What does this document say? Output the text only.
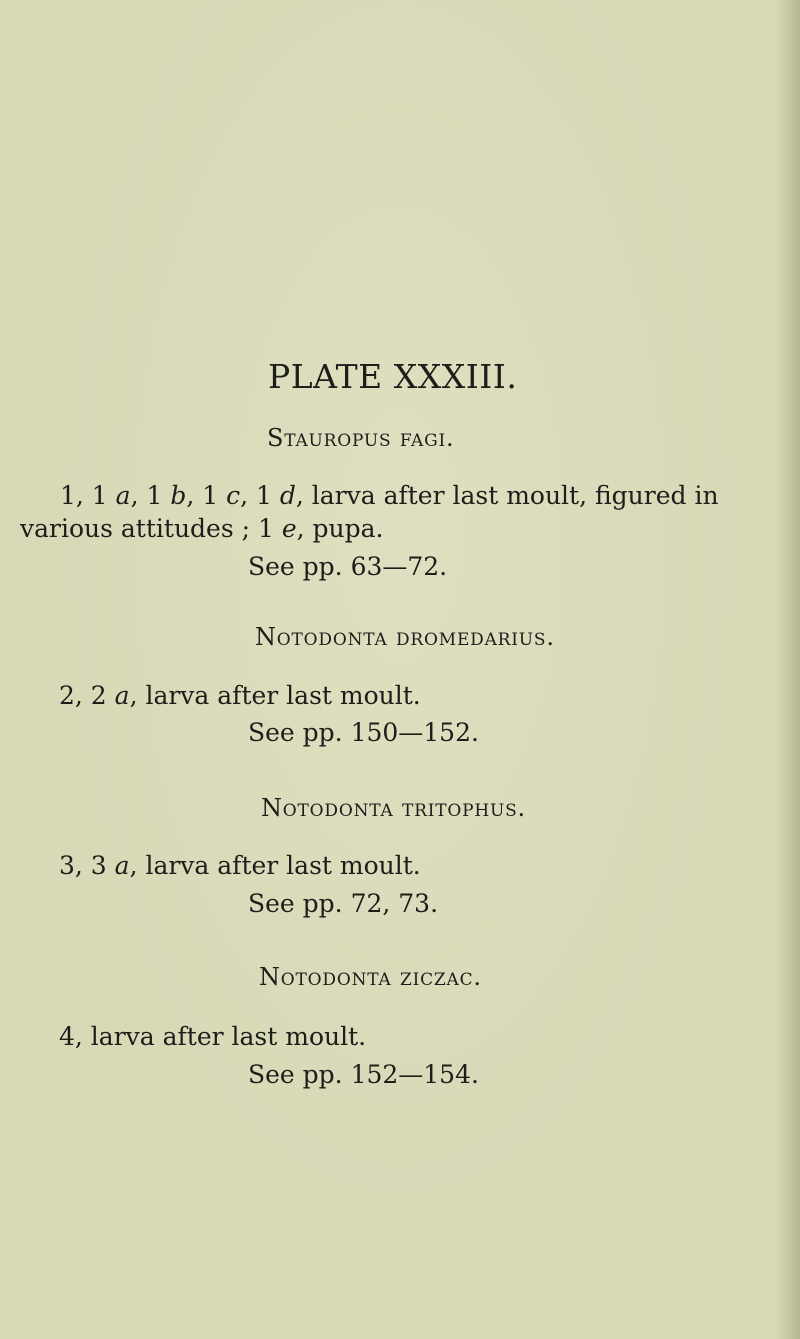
PLATE XXXIII.

Stauropus fagi.

1, 1 a, 1 b, 1 c, 1 d, larva after last moult, figured in

various attitudes ; 1 e, pupa.

See pp. 63—72.

Notodonta dromedarius.

2, 2 a, larva after last moult.

See pp. 150—152.

Notodonta tritophus.

3, 3 a, larva after last moult.

See pp. 72, 73.

Notodonta ziczac.

4, larva after last moult.

See pp. 152—154.
